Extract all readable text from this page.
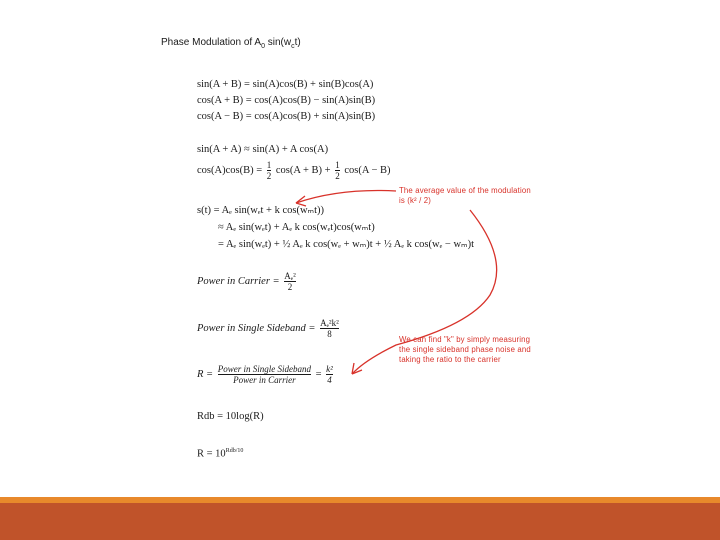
Phase Modulation of $A_0$ $\sin(w_ct)$
sin(A + B) = sin(A)cos(B) + sin(B)cos(A)
cos(A + B) = cos(A)cos(B) − sin(A)sin(B)
cos(A − B) = cos(A)cos(B) + sin(A)sin(B)
sin(A + A) ≈ sin(A) + A cos(A)
$\cos(A)\cos(B) = \frac{1}{2} \cos(A + B) + \frac{1}{2} \cos(A - B)$
s(t) = Aₑ sin(wₑt + k cos(wₘt))
≈ Aₑ sin(wₑt) + Aₑ k cos(wₑt)cos(wₘt)
= Aₑ sin(wₑt) + ½ Aₑ k cos(wₑ + wₘ)t + ½ Aₑ k cos(wₑ − wₘ)t
Power in Carrier = $\frac{\text{Aₑ²}}{2}$
Power in Single Sideband = $\frac{\text{Aₑ²k²}}{8}$
$R = \frac{\text{Power in Single Sideband}}{\text{Power in Carrier}} = \frac{\text{k²}}{4}$
Rdb = 10log(R)
$R = 10^{Rdb/10}$
The average value of the modulation
is (k² / 2)
We can find "k" by simply measuring
the single sideband phase noise and
taking the ratio to the carrier
